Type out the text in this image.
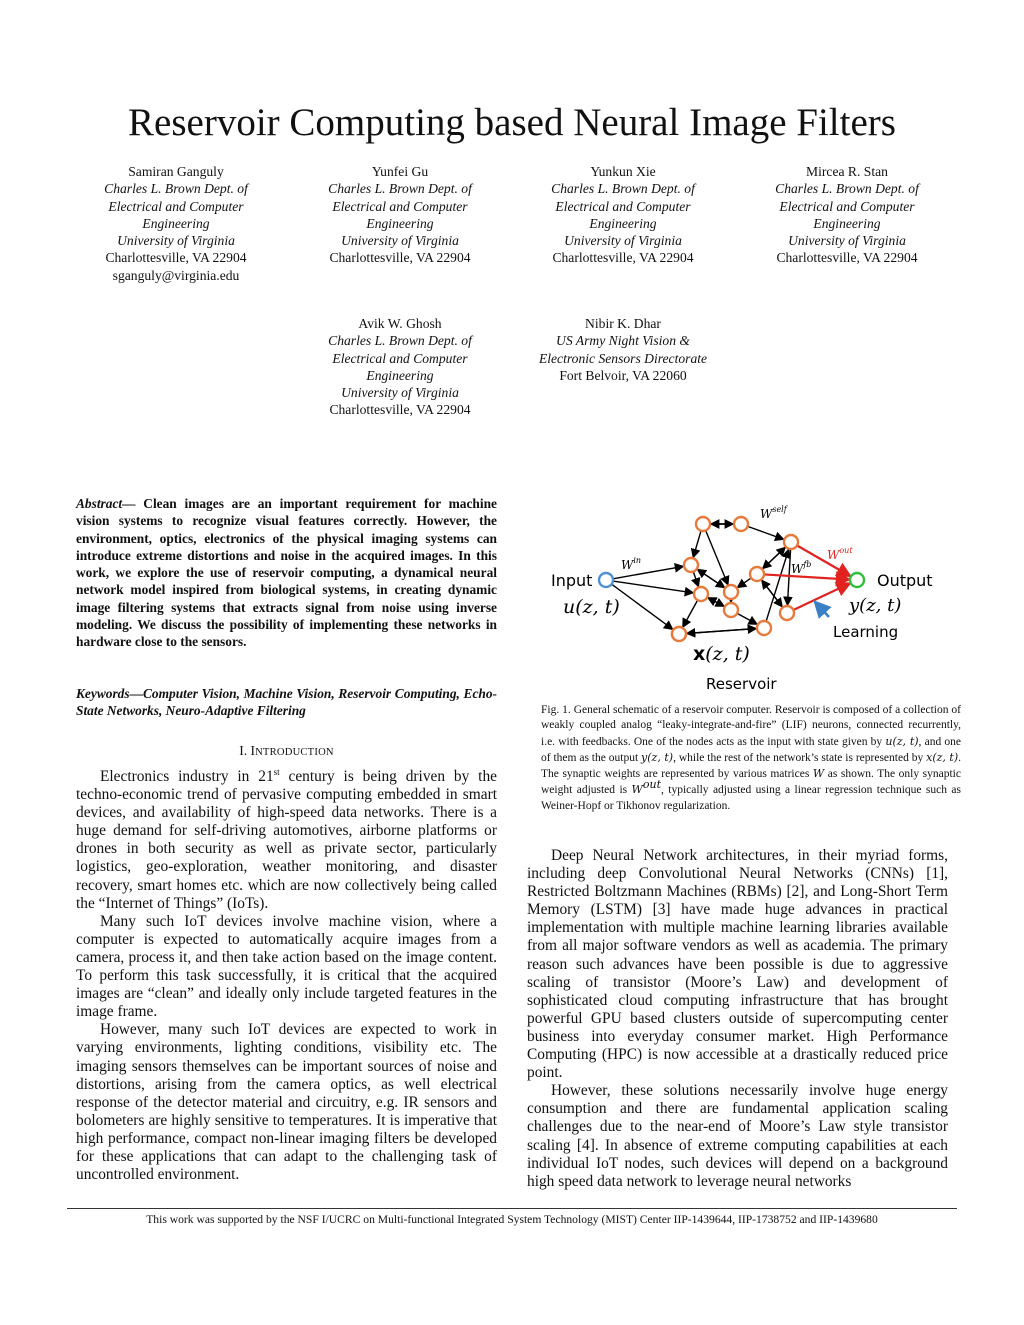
Reservoir Computing based Neural Image Filters
Samiran Ganguly
Charles L. Brown Dept. of
Electrical and Computer
Engineering
University of Virginia
Charlottesville, VA 22904
sganguly@virginia.edu
Yunfei Gu
Charles L. Brown Dept. of
Electrical and Computer
Engineering
University of Virginia
Charlottesville, VA 22904
Yunkun Xie
Charles L. Brown Dept. of
Electrical and Computer
Engineering
University of Virginia
Charlottesville, VA 22904
Mircea R. Stan
Charles L. Brown Dept. of
Electrical and Computer
Engineering
University of Virginia
Charlottesville, VA 22904
Avik W. Ghosh
Charles L. Brown Dept. of
Electrical and Computer
Engineering
University of Virginia
Charlottesville, VA 22904
Nibir K. Dhar
US Army Night Vision &
Electronic Sensors Directorate
Fort Belvoir, VA 22060
Abstract— Clean images are an important requirement for machine vision systems to recognize visual features correctly. However, the environment, optics, electronics of the physical imaging systems can introduce extreme distortions and noise in the acquired images. In this work, we explore the use of reservoir computing, a dynamical neural network model inspired from biological systems, in creating dynamic image filtering systems that extracts signal from noise using inverse modeling. We discuss the possibility of implementing these networks in hardware close to the sensors.
Keywords—Computer Vision, Machine Vision, Reservoir Computing, Echo-State Networks, Neuro-Adaptive Filtering
I. INTRODUCTION

Electronics industry in 21st century is being driven by the techno-economic trend of pervasive computing embedded in smart devices, and availability of high-speed data networks. There is a huge demand for self-driving automotives, airborne platforms or drones in both security as well as private sector, particularly logistics, geo-exploration, weather monitoring, and disaster recovery, smart homes etc. which are now collectively being called the “Internet of Things” (IoTs).

Many such IoT devices involve machine vision, where a computer is expected to automatically acquire images from a camera, process it, and then take action based on the image content. To perform this task successfully, it is critical that the acquired images are “clean” and ideally only include targeted features in the image frame.

However, many such IoT devices are expected to work in varying environments, lighting conditions, visibility etc. The imaging sensors themselves can be important sources of noise and distortions, arising from the camera optics, as well electrical response of the detector material and circuitry, e.g. IR sensors and bolometers are highly sensitive to temperatures. It is imperative that high performance, compact non-linear imaging filters be developed for these applications that can adapt to the challenging task of uncontrolled environment.

Input
u(z, t)
Output
y(z, t)
Learning
Reservoir
x(z, t)
$W^{in}$
$W^{self}$
$W^{out}$
$W^{fb}$
Fig. 1. General schematic of a reservoir computer. Reservoir is composed of a collection of weakly coupled analog “leaky-integrate-and-fire” (LIF) neurons, connected recurrently, i.e. with feedbacks. One of the nodes acts as the input with state given by u(z, t), and one of them as the output y(z, t), while the rest of the network’s state is represented by x(z, t). The synaptic weights are represented by various matrices W as shown. The only synaptic weight adjusted is $W^{out}$, typically adjusted using a linear regression technique such as Weiner-Hopf or Tikhonov regularization.

Deep Neural Network architectures, in their myriad forms, including deep Convolutional Neural Networks (CNNs) [1], Restricted Boltzmann Machines (RBMs) [2], and Long-Short Term Memory (LSTM) [3] have made huge advances in practical implementation with multiple machine learning libraries available from all major software vendors as well as academia. The primary reason such advances have been possible is due to aggressive scaling of transistor (Moore’s Law) and development of sophisticated cloud computing infrastructure that has brought powerful GPU based clusters outside of supercomputing center business into everyday consumer market. High Performance Computing (HPC) is now accessible at a drastically reduced price point.

However, these solutions necessarily involve huge energy consumption and there are fundamental application scaling challenges due to the near-end of Moore’s Law style transistor scaling [4]. In absence of extreme computing capabilities at each individual IoT nodes, such devices will depend on a background high speed data network to leverage neural networks

This work was supported by the NSF I/UCRC on Multi-functional Integrated System Technology (MIST) Center IIP-1439644, IIP-1738752 and IIP-1439680
